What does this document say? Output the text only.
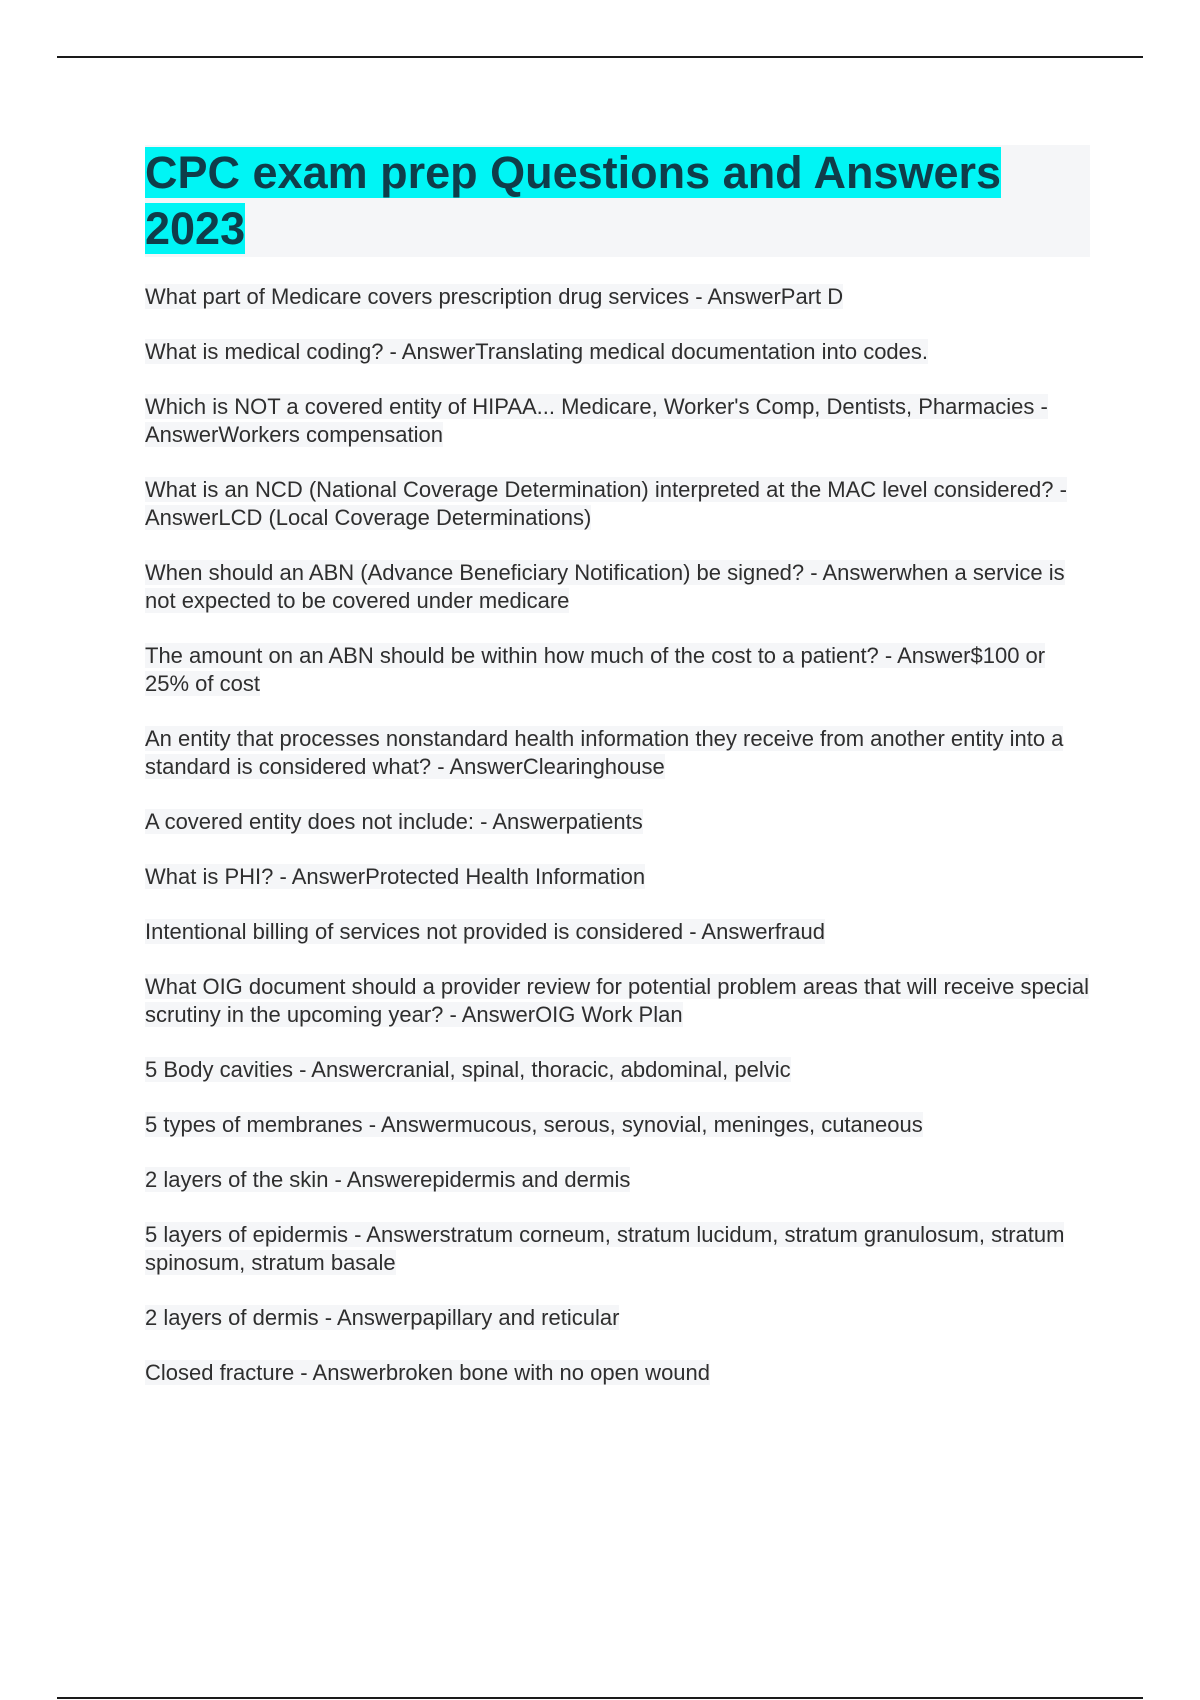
CPC exam prep Questions and Answers
2023
What part of Medicare covers prescription drug services - AnswerPart D
What is medical coding? - AnswerTranslating medical documentation into codes.
Which is NOT a covered entity of HIPAA... Medicare, Worker's Comp, Dentists, Pharmacies - AnswerWorkers compensation
What is an NCD (National Coverage Determination) interpreted at the MAC level considered? - AnswerLCD (Local Coverage Determinations)
When should an ABN (Advance Beneficiary Notification) be signed? - Answerwhen a service is not expected to be covered under medicare
The amount on an ABN should be within how much of the cost to a patient? - Answer$100 or 25% of cost
An entity that processes nonstandard health information they receive from another entity into a standard is considered what? - AnswerClearinghouse
A covered entity does not include: - Answerpatients
What is PHI? - AnswerProtected Health Information
Intentional billing of services not provided is considered - Answerfraud
What OIG document should a provider review for potential problem areas that will receive special scrutiny in the upcoming year? - AnswerOIG Work Plan
5 Body cavities - Answercranial, spinal, thoracic, abdominal, pelvic
5 types of membranes - Answermucous, serous, synovial, meninges, cutaneous
2 layers of the skin - Answerepidermis and dermis
5 layers of epidermis - Answerstratum corneum, stratum lucidum, stratum granulosum, stratum spinosum, stratum basale
2 layers of dermis - Answerpapillary and reticular
Closed fracture - Answerbroken bone with no open wound
